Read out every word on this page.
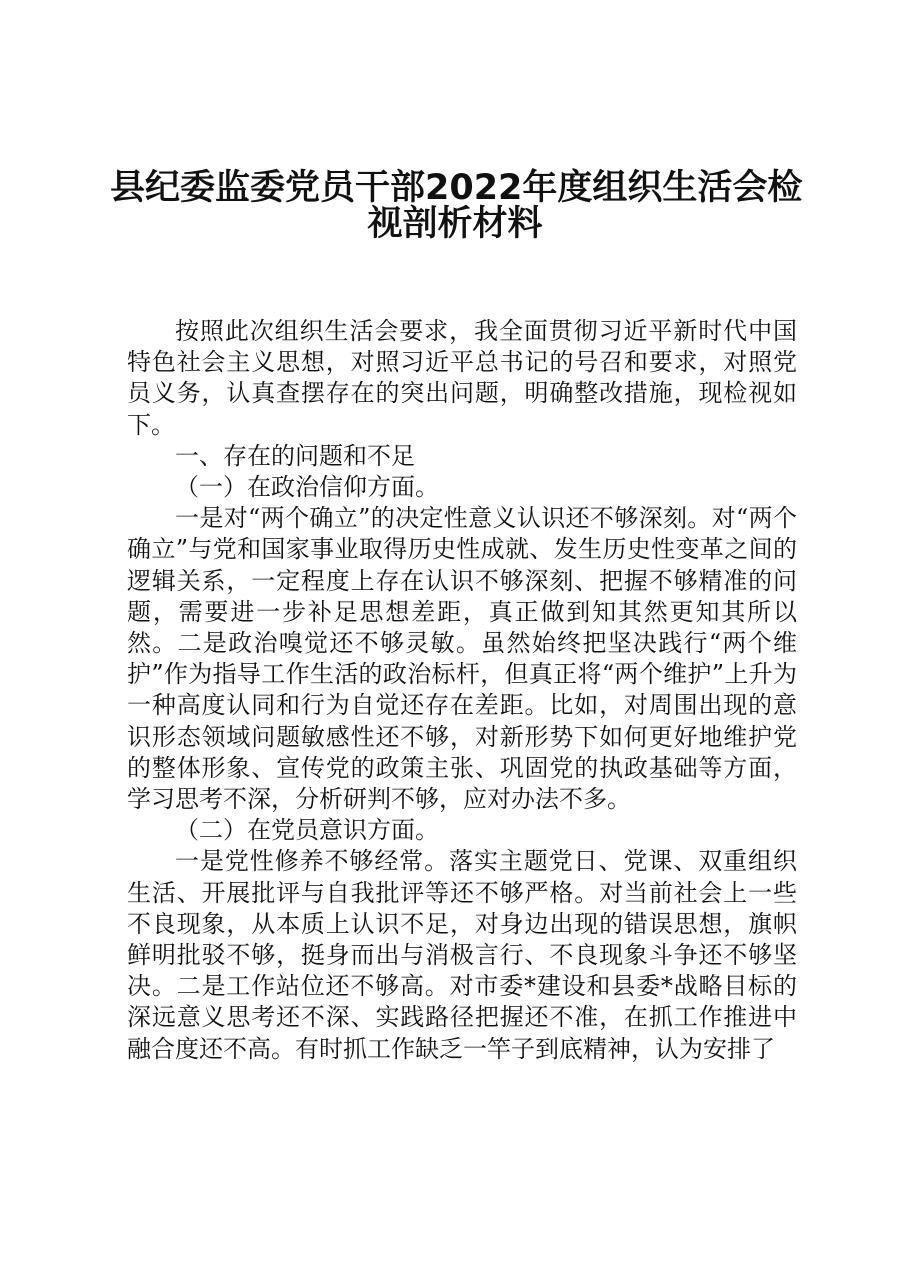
县纪委监委党员干部2022年度组织生活会检
视剖析材料

按照此次组织生活会要求，我全面贯彻习近平新时代中国特色社会主义思想，对照习近平总书记的号召和要求，对照党员义务，认真查摆存在的突出问题，明确整改措施，现检视如下。

一、存在的问题和不足

（一）在政治信仰方面。

一是对“两个确立”的决定性意义认识还不够深刻。对“两个确立”与党和国家事业取得历史性成就、发生历史性变革之间的逻辑关系，一定程度上存在认识不够深刻、把握不够精准的问题，需要进一步补足思想差距，真正做到知其然更知其所以然。二是政治嗅觉还不够灵敏。虽然始终把坚决践行“两个维护”作为指导工作生活的政治标杆，但真正将“两个维护”上升为一种高度认同和行为自觉还存在差距。比如，对周围出现的意识形态领域问题敏感性还不够，对新形势下如何更好地维护党的整体形象、宣传党的政策主张、巩固党的执政基础等方面，学习思考不深，分析研判不够，应对办法不多。

（二）在党员意识方面。

一是党性修养不够经常。落实主题党日、党课、双重组织生活、开展批评与自我批评等还不够严格。对当前社会上一些不良现象，从本质上认识不足，对身边出现的错误思想，旗帜鲜明批驳不够，挺身而出与消极言行、不良现象斗争还不够坚决。二是工作站位还不够高。对市委*建设和县委*战略目标的深远意义思考还不深、实践路径把握还不准，在抓工作推进中融合度还不高。有时抓工作缺乏一竿子到底精神，认为安排了
